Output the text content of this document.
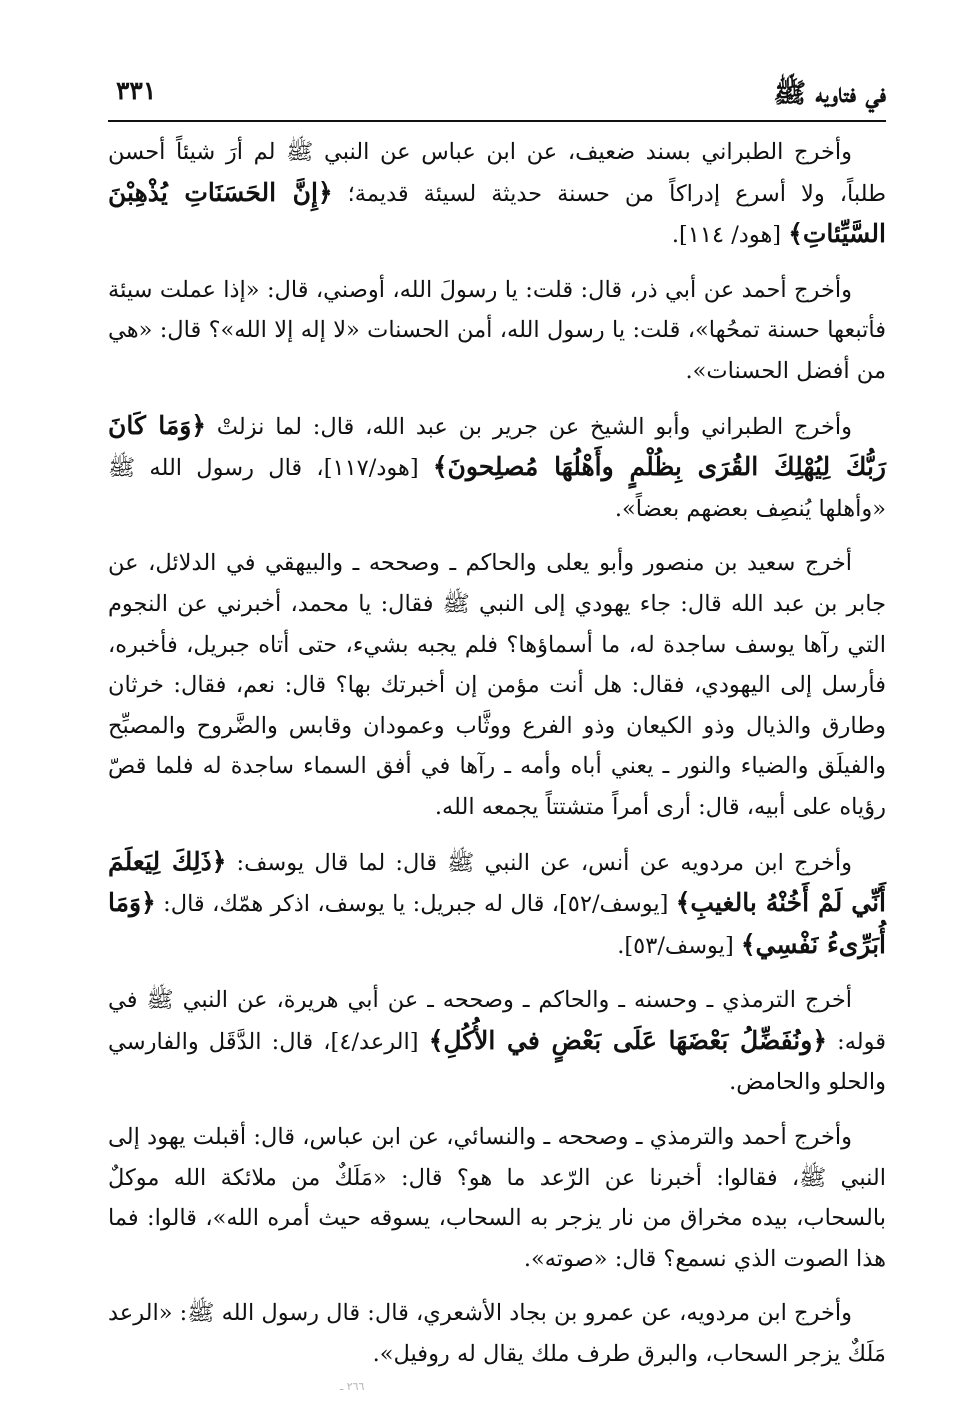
في فتاويه ﷺ
٣٣١

وأخرج الطبراني بسند ضعيف، عن ابن عباس عن النبي ﷺ لم أرَ شيئاً أحسن طلباً، ولا أسرع إدراكاً من حسنة حديثة لسيئة قديمة؛ ﴿إِنَّ الحَسَنَاتِ يُذْهِبْنَ السَّيِّئاتِ﴾ [هود/ ١١٤].

وأخرج أحمد عن أبي ذر، قال: قلت: يا رسولَ الله، أوصني، قال: «إذا عملت سيئة فأتبعها حسنة تمحُها»، قلت: يا رسول الله، أمن الحسنات «لا إله إلا الله»؟ قال: «هي من أفضل الحسنات».

وأخرج الطبراني وأبو الشيخ عن جرير بن عبد الله، قال: لما نزلتْ ﴿وَمَا كَانَ رَبُّكَ لِيُهْلِكَ القُرَى بِظُلْمٍ وأَهْلُهَا مُصلِحونَ﴾ [هود/١١٧]، قال رسول الله ﷺ «وأهلها يُنصِف بعضهم بعضاً».

أخرج سعيد بن منصور وأبو يعلى والحاكم ـ وصححه ـ والبيهقي في الدلائل، عن جابر بن عبد الله قال: جاء يهودي إلى النبي ﷺ فقال: يا محمد، أخبرني عن النجوم التي رآها يوسف ساجدة له، ما أسماؤها؟ فلم يجبه بشيء، حتى أتاه جبريل، فأخبره، فأرسل إلى اليهودي، فقال: هل أنت مؤمن إن أخبرتك بها؟ قال: نعم، فقال: خرثان وطارق والذيال وذو الكيعان وذو الفرع ووثَّاب وعمودان وقابس والضَّروح والمصبِّح والفيلَق والضياء والنور ـ يعني أباه وأمه ـ رآها في أفق السماء ساجدة له فلما قصّ رؤياه على أبيه، قال: أرى أمراً متشتتاً يجمعه الله.

وأخرج ابن مردويه عن أنس، عن النبي ﷺ قال: لما قال يوسف: ﴿ذَلِكَ لِيَعلَمَ أَنِّي لَمْ أَخُنْهُ بالغيبِ﴾ [يوسف/٥٢]، قال له جبريل: يا يوسف، اذكر همّك، قال: ﴿وَمَا أُبَرِّىءُ نَفْسِي﴾ [يوسف/٥٣].

أخرج الترمذي ـ وحسنه ـ والحاكم ـ وصححه ـ عن أبي هريرة، عن النبي ﷺ في قوله: ﴿ونُفَضِّلُ بَعْضَهَا عَلَى بَعْضٍ في الأُكُلِ﴾ [الرعد/٤]، قال: الدَّقَل والفارسي والحلو والحامض.

وأخرج أحمد والترمذي ـ وصححه ـ والنسائي، عن ابن عباس، قال: أقبلت يهود إلى النبي ﷺ، فقالوا: أخبرنا عن الرّعد ما هو؟ قال: «مَلَكٌ من ملائكة الله موكلٌ بالسحاب، بيده مخراق من نار يزجر به السحاب، يسوقه حيث أمره الله»، قالوا: فما هذا الصوت الذي نسمع؟ قال: «صوته».

وأخرج ابن مردويه، عن عمرو بن بجاد الأشعري، قال: قال رسول الله ﷺ: «الرعد مَلَكٌ يزجر السحاب، والبرق طرف ملك يقال له روفيل».

٢٦٦ ـ
